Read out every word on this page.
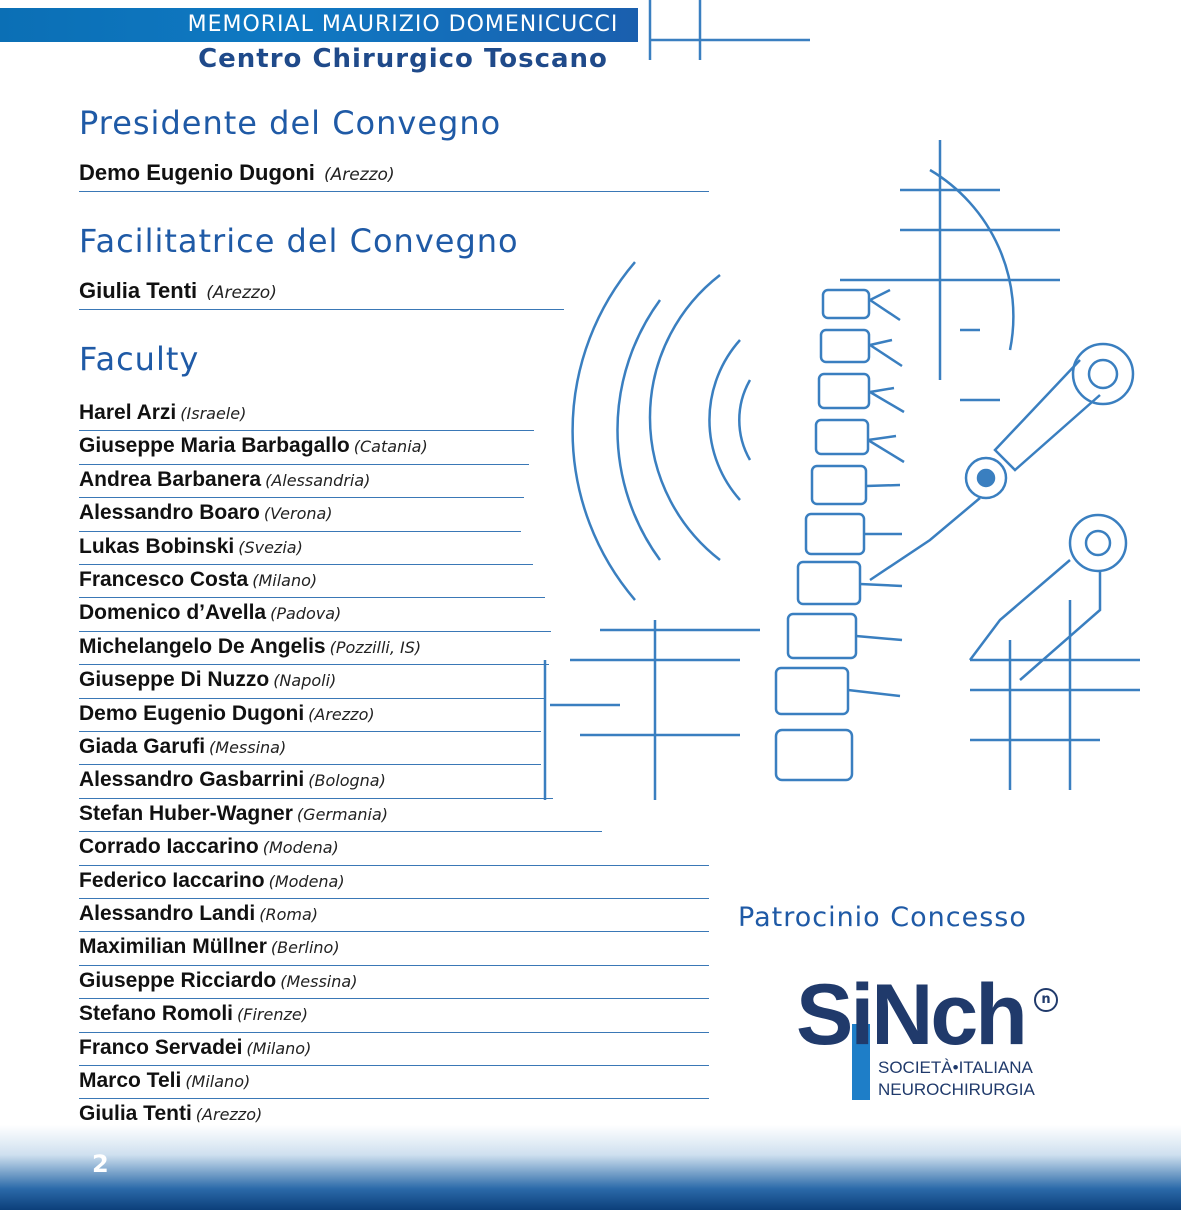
MEMORIAL MAURIZIO DOMENICUCCI
Centro Chirurgico Toscano
Presidente del Convegno
Demo Eugenio Dugoni (Arezzo)
Facilitatrice del Convegno
Giulia Tenti (Arezzo)
Faculty
Harel Arzi (Israele)
Giuseppe Maria Barbagallo (Catania)
Andrea Barbanera (Alessandria)
Alessandro Boaro (Verona)
Lukas Bobinski (Svezia)
Francesco Costa (Milano)
Domenico d’Avella (Padova)
Michelangelo De Angelis (Pozzilli, IS)
Giuseppe Di Nuzzo (Napoli)
Demo Eugenio Dugoni (Arezzo)
Giada Garufi (Messina)
Alessandro Gasbarrini (Bologna)
Stefan Huber-Wagner (Germania)
Corrado Iaccarino (Modena)
Federico Iaccarino (Modena)
Alessandro Landi (Roma)
Maximilian Müllner (Berlino)
Giuseppe Ricciardo (Messina)
Stefano Romoli (Firenze)
Franco Servadei (Milano)
Marco Teli (Milano)
Giulia Tenti (Arezzo)
Patrocinio Concesso
SiNch	n
SOCIETÀ•ITALIANA
NEUROCHIRURGIA
2
